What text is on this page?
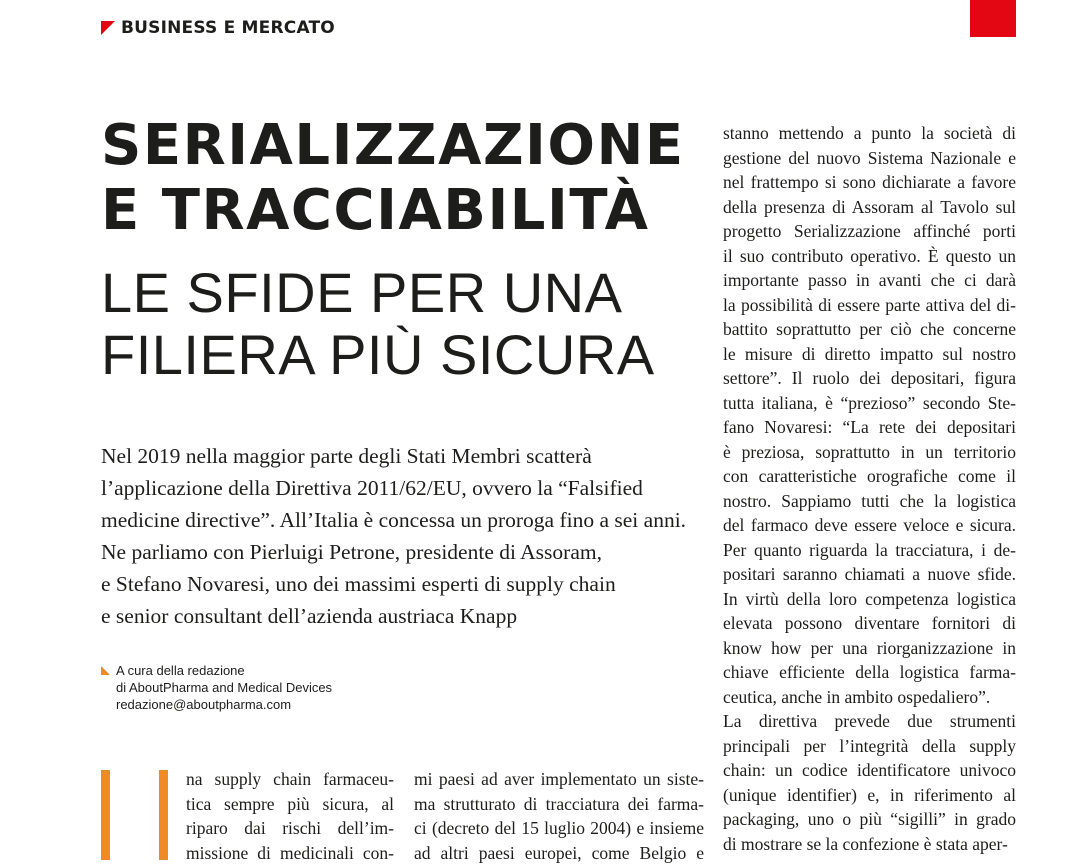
BUSINESS E MERCATO
SERIALIZZAZIONE
E TRACCIABILITÀ
LE SFIDE PER UNA
FILIERA PIÙ SICURA
Nel 2019 nella maggior parte degli Stati Membri scatterà
l’applicazione della Direttiva 2011/62/EU, ovvero la “Falsified
medicine directive”. All’Italia è concessa un proroga fino a sei anni.
Ne parliamo con Pierluigi Petrone, presidente di Assoram,
e Stefano Novaresi, uno dei massimi esperti di supply chain
e senior consultant dell’azienda austriaca Knapp
A cura della redazione
di AboutPharma and Medical Devices
redazione@aboutpharma.com
na supply chain farmaceu-
tica sempre più sicura, al
riparo dai rischi dell’im-
missione di medicinali con-
mi paesi ad aver implementato un siste-
ma strutturato di tracciatura dei farma-
ci (decreto del 15 luglio 2004) e insieme
ad altri paesi europei, come Belgio e
stanno mettendo a punto la società di
gestione del nuovo Sistema Nazionale e
nel frattempo si sono dichiarate a favore
della presenza di Assoram al Tavolo sul
progetto Serializzazione affinché porti
il suo contributo operativo. È questo un
importante passo in avanti che ci darà
la possibilità di essere parte attiva del di-
battito soprattutto per ciò che concerne
le misure di diretto impatto sul nostro
settore”. Il ruolo dei depositari, figura
tutta italiana, è “prezioso” secondo Ste-
fano Novaresi: “La rete dei depositari
è preziosa, soprattutto in un territorio
con caratteristiche orografiche come il
nostro. Sappiamo tutti che la logistica
del farmaco deve essere veloce e sicura.
Per quanto riguarda la tracciatura, i de-
positari saranno chiamati a nuove sfide.
In virtù della loro competenza logistica
elevata possono diventare fornitori di
know how per una riorganizzazione in
chiave efficiente della logistica farma-
ceutica, anche in ambito ospedaliero”.
La direttiva prevede due strumenti
principali per l’integrità della supply
chain: un codice identificatore univoco
(unique identifier) e, in riferimento al
packaging, uno o più “sigilli” in grado
di mostrare se la confezione è stata aper-
